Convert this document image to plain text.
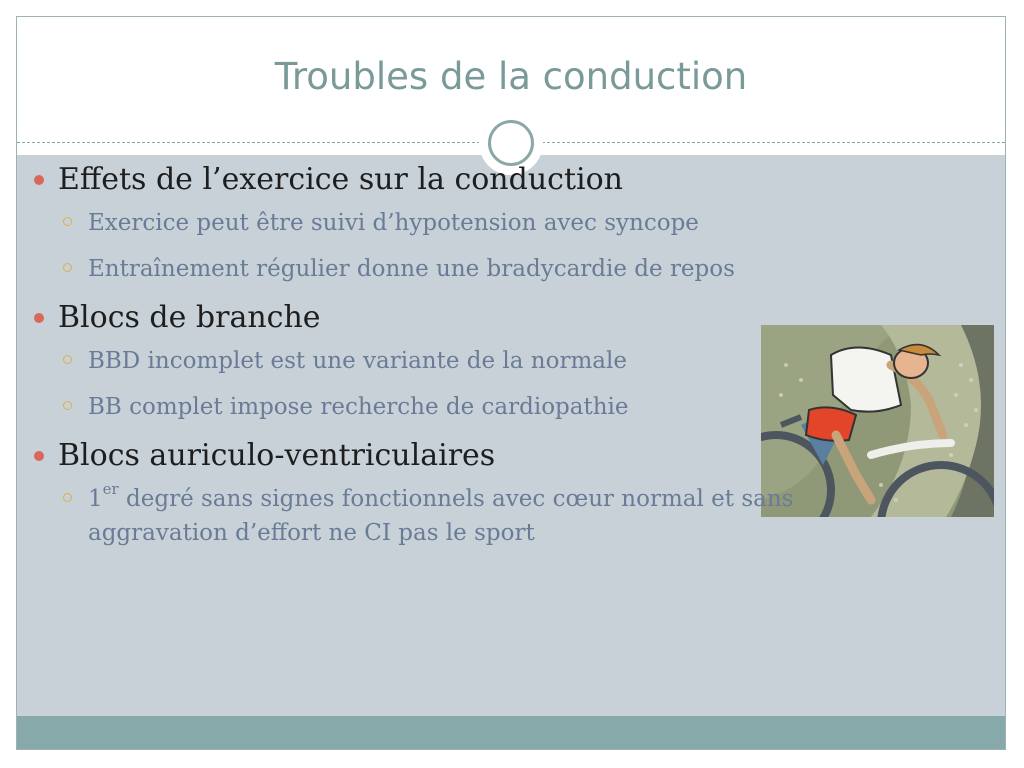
Troubles de la conduction
Effets de l’exercice sur la conduction
Exercice peut être suivi d’hypotension avec syncope
Entraînement régulier donne une bradycardie de repos
Blocs de branche
BBD incomplet est une variante de la normale
BB complet impose recherche de cardiopathie
Blocs auriculo-ventriculaires
1er degré sans signes fonctionnels avec cœur normal et sans aggravation d’effort ne CI pas le sport
